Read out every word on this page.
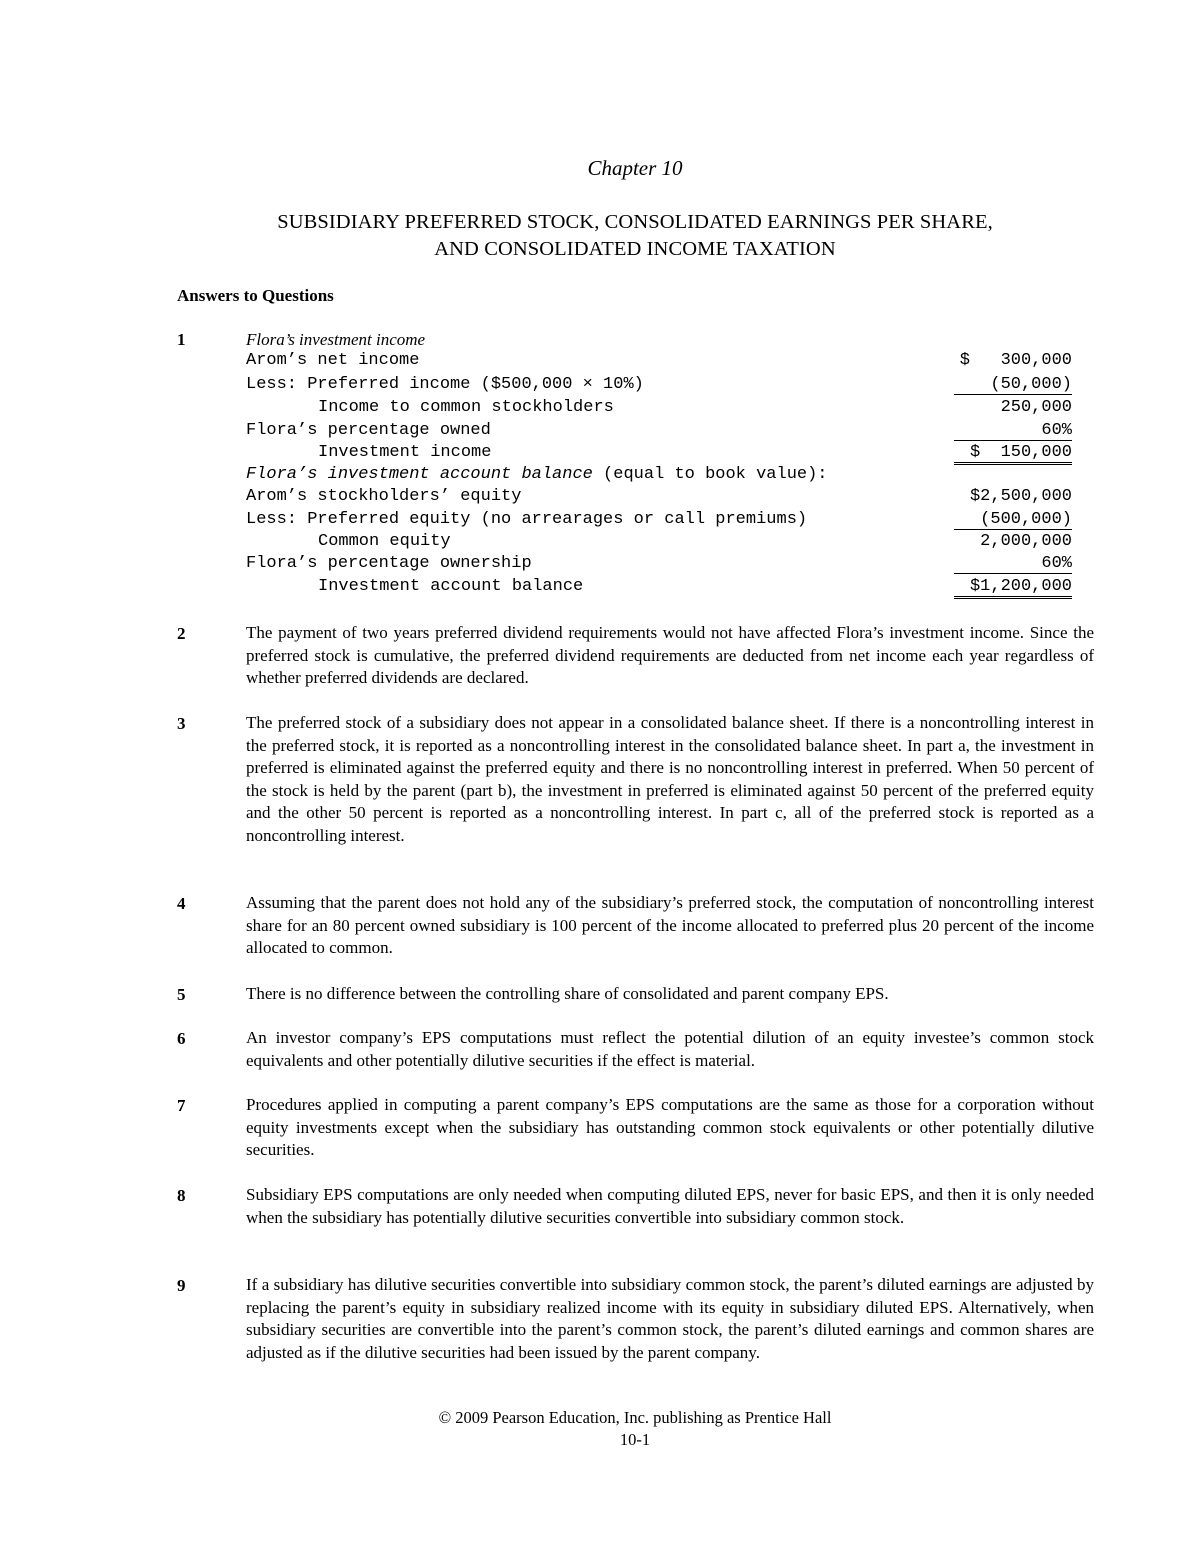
Chapter 10
SUBSIDIARY PREFERRED STOCK, CONSOLIDATED EARNINGS PER SHARE,
AND CONSOLIDATED INCOME TAXATION
Answers to Questions
1	Flora’s investment income
Arom’s net income	$   300,000
Less: Preferred income ($500,000 × 10%)	(50,000)
Income to common stockholders	250,000
Flora’s percentage owned	60%
Investment income	$  150,000
Flora’s investment account balance (equal to book value):
Arom’s stockholders’ equity	$2,500,000
Less: Preferred equity (no arrearages or call premiums)	(500,000)
Common equity	2,000,000
Flora’s percentage ownership	60%
Investment account balance	$1,200,000
2	The payment of two years preferred dividend requirements would not have affected Flora’s investment income. Since the preferred stock is cumulative, the preferred dividend requirements are deducted from net income each year regardless of whether preferred dividends are declared.
3	The preferred stock of a subsidiary does not appear in a consolidated balance sheet. If there is a noncontrolling interest in the preferred stock, it is reported as a noncontrolling interest in the consolidated balance sheet. In part a, the investment in preferred is eliminated against the preferred equity and there is no noncontrolling interest in preferred. When 50 percent of the stock is held by the parent (part b), the investment in preferred is eliminated against 50 percent of the preferred equity and the other 50 percent is reported as a noncontrolling interest. In part c, all of the preferred stock is reported as a noncontrolling interest.
4	Assuming that the parent does not hold any of the subsidiary’s preferred stock, the computation of noncontrolling interest share for an 80 percent owned subsidiary is 100 percent of the income allocated to preferred plus 20 percent of the income allocated to common.
5	There is no difference between the controlling share of consolidated and parent company EPS.
6	An investor company’s EPS computations must reflect the potential dilution of an equity investee’s common stock equivalents and other potentially dilutive securities if the effect is material.
7	Procedures applied in computing a parent company’s EPS computations are the same as those for a corporation without equity investments except when the subsidiary has outstanding common stock equivalents or other potentially dilutive securities.
8	Subsidiary EPS computations are only needed when computing diluted EPS, never for basic EPS, and then it is only needed when the subsidiary has potentially dilutive securities convertible into subsidiary common stock.
9	If a subsidiary has dilutive securities convertible into subsidiary common stock, the parent’s diluted earnings are adjusted by replacing the parent’s equity in subsidiary realized income with its equity in subsidiary diluted EPS. Alternatively, when subsidiary securities are convertible into the parent’s common stock, the parent’s diluted earnings and common shares are adjusted as if the dilutive securities had been issued by the parent company.
© 2009 Pearson Education, Inc. publishing as Prentice Hall
10-1
